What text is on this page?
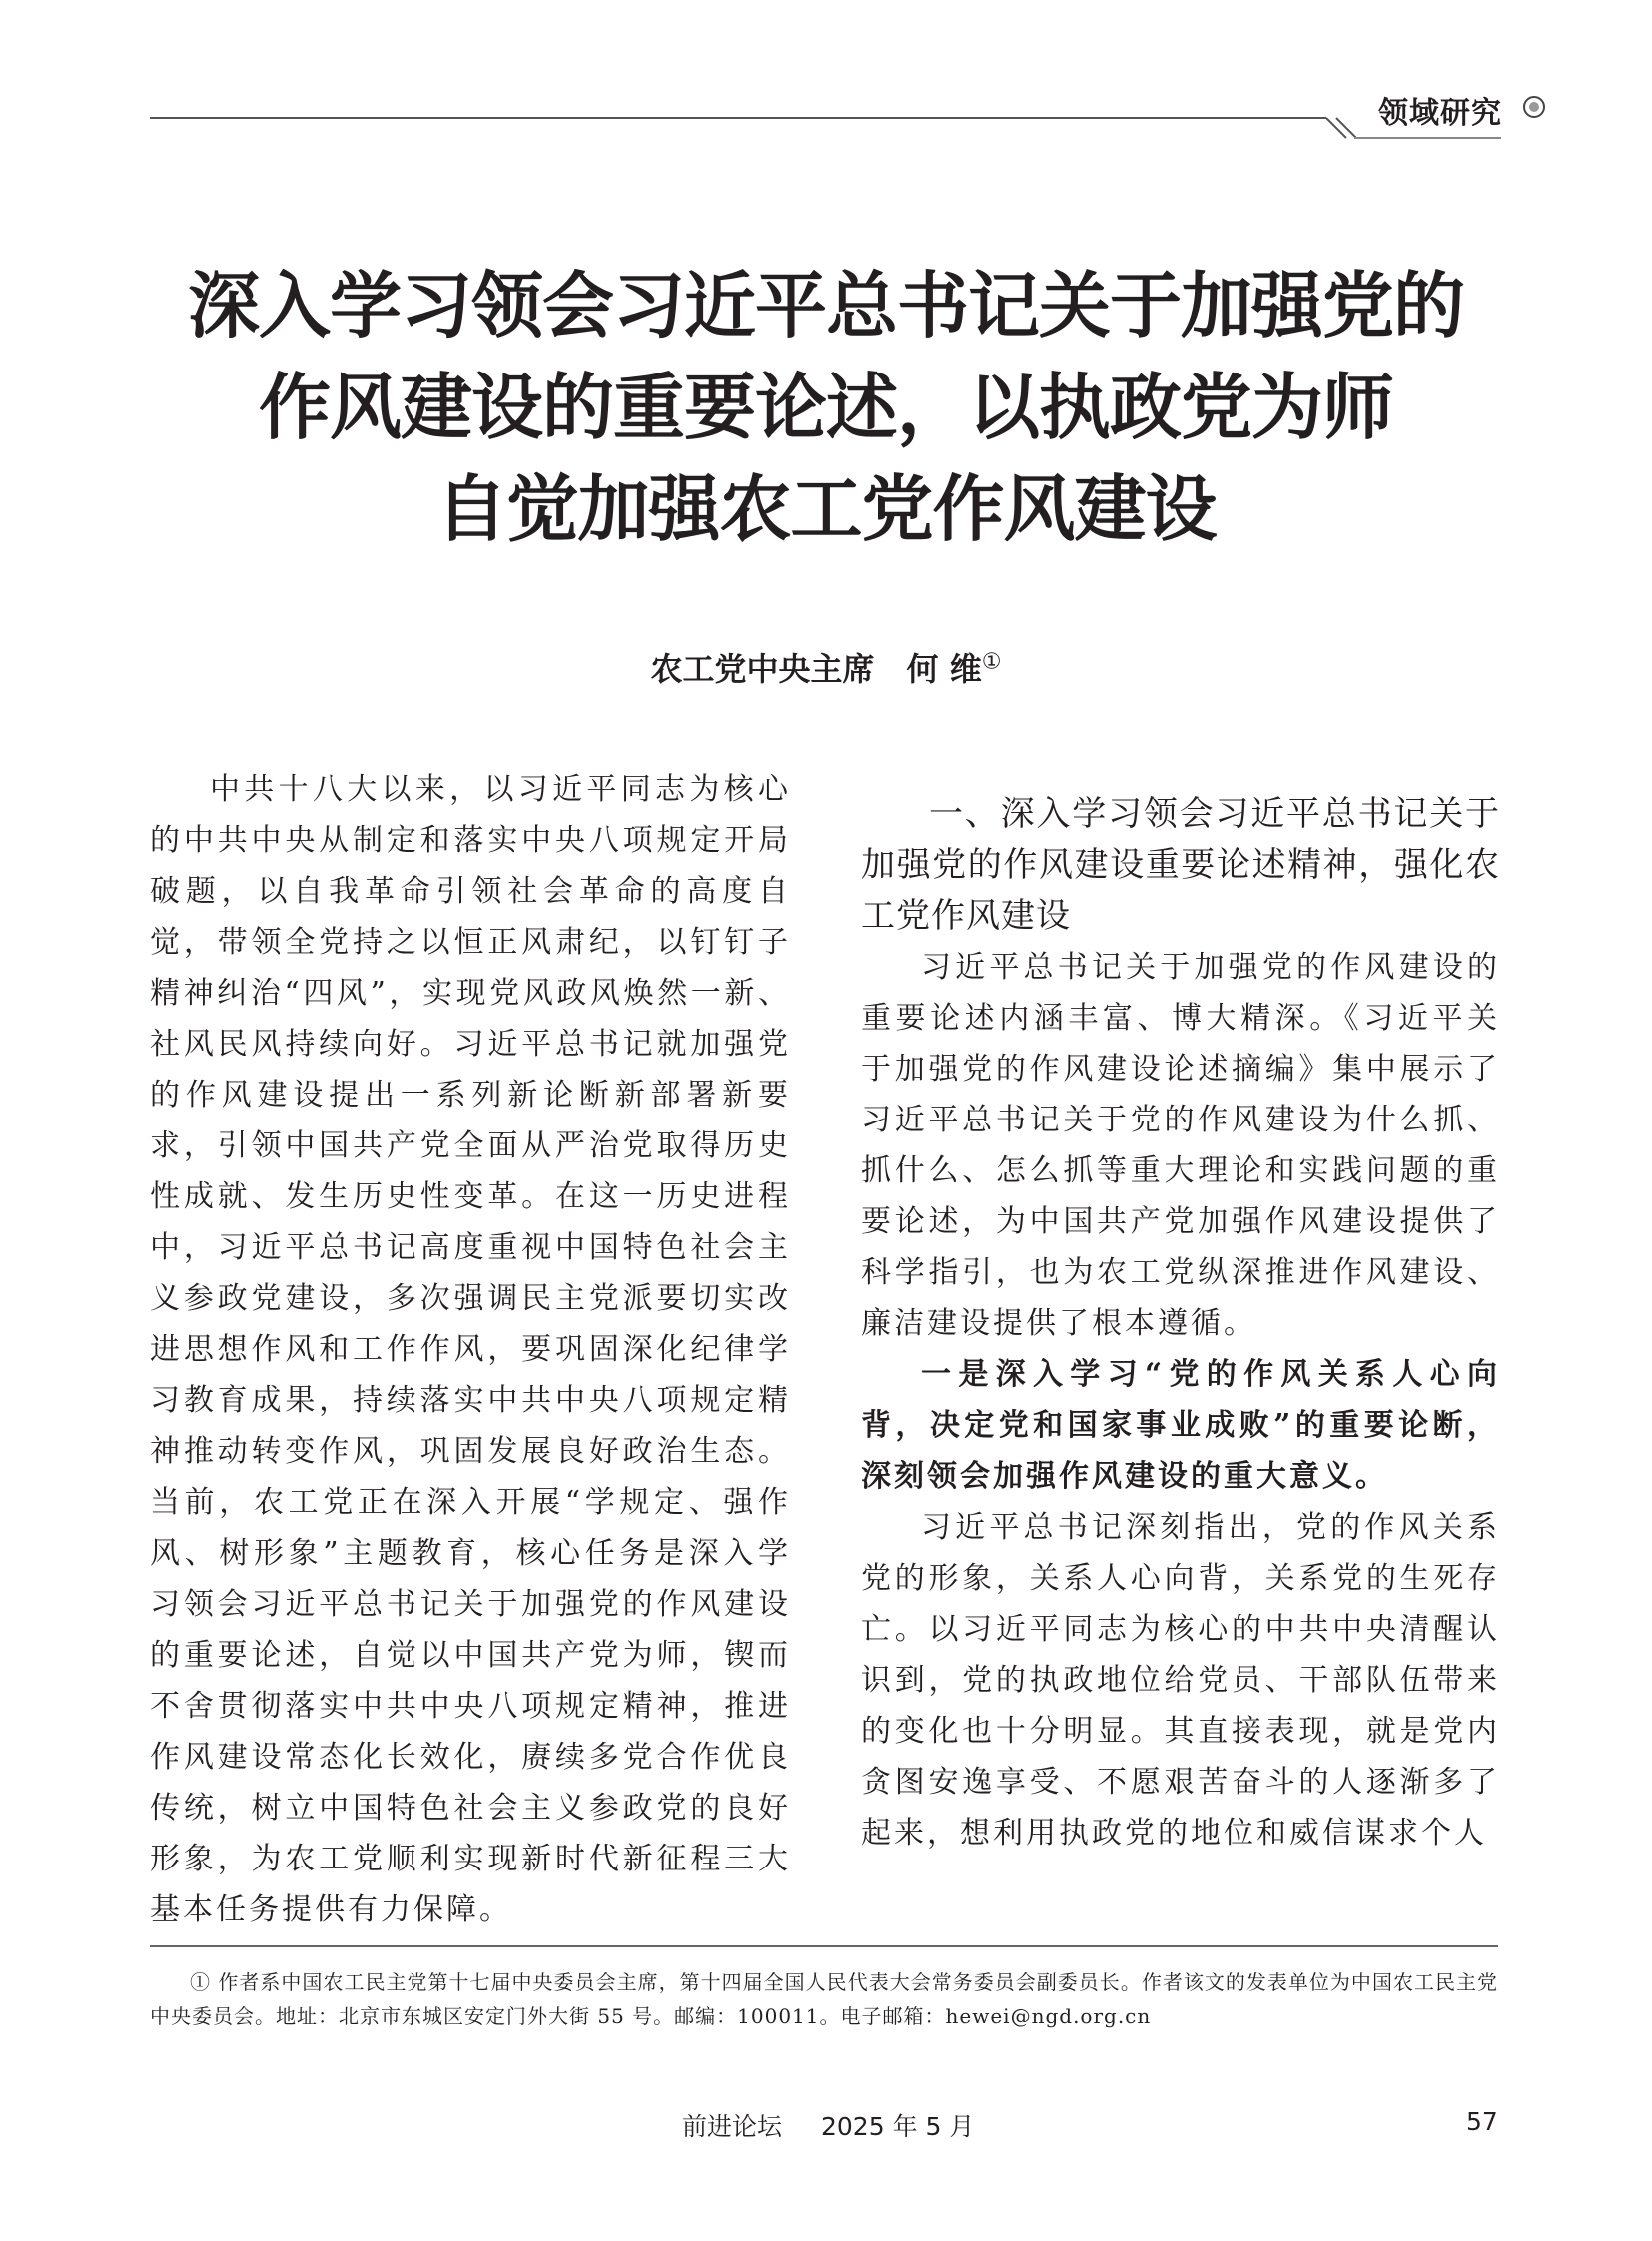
领域研究
深入学习领会习近平总书记关于加强党的
作风建设的重要论述，以执政党为师
自觉加强农工党作风建设
农工党中央主席　何 维①

中共十八大以来，以习近平同志为核心的中共中央从制定和落实中央八项规定开局破题，以自我革命引领社会革命的高度自觉，带领全党持之以恒正风肃纪，以钉钉子精神纠治“四风”，实现党风政风焕然一新、社风民风持续向好。习近平总书记就加强党的作风建设提出一系列新论断新部署新要求，引领中国共产党全面从严治党取得历史性成就、发生历史性变革。在这一历史进程中，习近平总书记高度重视中国特色社会主义参政党建设，多次强调民主党派要切实改进思想作风和工作作风，要巩固深化纪律学习教育成果，持续落实中共中央八项规定精神推动转变作风，巩固发展良好政治生态。当前，农工党正在深入开展“学规定、强作风、树形象”主题教育，核心任务是深入学习领会习近平总书记关于加强党的作风建设的重要论述，自觉以中国共产党为师，锲而不舍贯彻落实中共中央八项规定精神，推进作风建设常态化长效化，赓续多党合作优良传统，树立中国特色社会主义参政党的良好形象，为农工党顺利实现新时代新征程三大基本任务提供有力保障。

一、深入学习领会习近平总书记关于加强党的作风建设重要论述精神，强化农工党作风建设

习近平总书记关于加强党的作风建设的重要论述内涵丰富、博大精深。《习近平关于加强党的作风建设论述摘编》集中展示了习近平总书记关于党的作风建设为什么抓、抓什么、怎么抓等重大理论和实践问题的重要论述，为中国共产党加强作风建设提供了科学指引，也为农工党纵深推进作风建设、廉洁建设提供了根本遵循。

一是深入学习“党的作风关系人心向背，决定党和国家事业成败”的重要论断，深刻领会加强作风建设的重大意义。

习近平总书记深刻指出，党的作风关系党的形象，关系人心向背，关系党的生死存亡。以习近平同志为核心的中共中央清醒认识到，党的执政地位给党员、干部队伍带来的变化也十分明显。其直接表现，就是党内贪图安逸享受、不愿艰苦奋斗的人逐渐多了起来，想利用执政党的地位和威信谋求个人

① 作者系中国农工民主党第十七届中央委员会主席，第十四届全国人民代表大会常务委员会副委员长。作者该文的发表单位为中国农工民主党中央委员会。地址：北京市东城区安定门外大街 55 号。邮编：100011。电子邮箱：hewei@ngd.org.cn
前进论坛 2025 年 5 月	57
